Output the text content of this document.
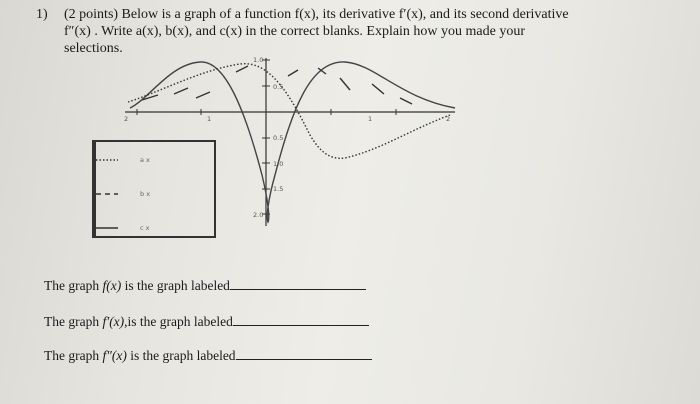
1) (2 points) Below is a graph of a function f(x), its derivative f′(x), and its second derivative
f″(x) . Write a(x), b(x), and c(x) in the correct blanks. Explain how you made your
selections.
1.0
0.5
0.5
1.0
1.5
2.0
2	1	1	2
a x
b x
c x
The graph f(x) is the graph labeled
The graph f′(x),is the graph labeled
The graph f″(x) is the graph labeled
